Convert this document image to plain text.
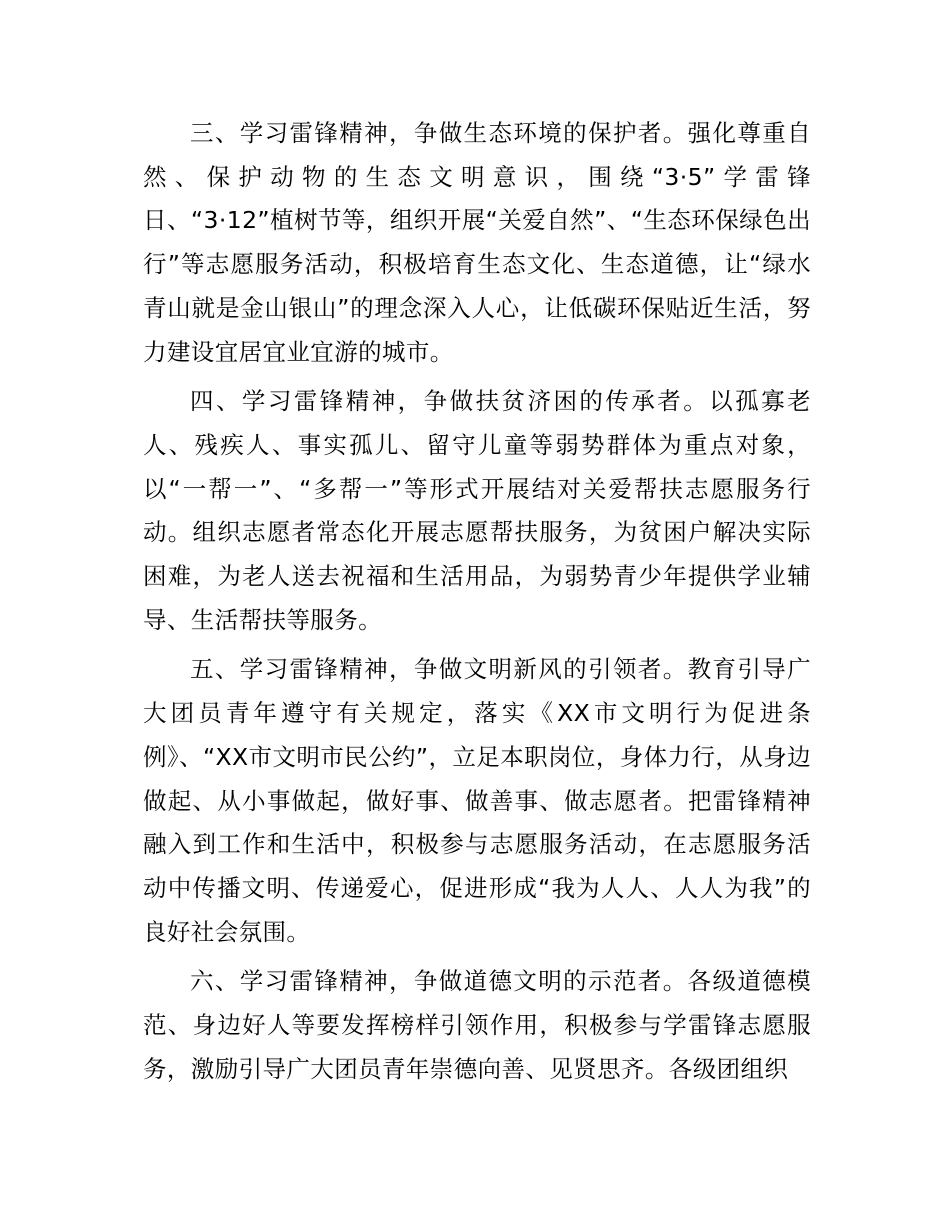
三、学习雷锋精神，争做生态环境的保护者。强化尊重自然、保护动物的生态文明意识，围绕“3·5”学雷锋日、“3·12”植树节等，组织开展“关爱自然”、“生态环保绿色出行”等志愿服务活动，积极培育生态文化、生态道德，让“绿水青山就是金山银山”的理念深入人心，让低碳环保贴近生活，努力建设宜居宜业宜游的城市。

四、学习雷锋精神，争做扶贫济困的传承者。以孤寡老人、残疾人、事实孤儿、留守儿童等弱势群体为重点对象，以“一帮一”、“多帮一”等形式开展结对关爱帮扶志愿服务行动。组织志愿者常态化开展志愿帮扶服务，为贫困户解决实际困难，为老人送去祝福和生活用品，为弱势青少年提供学业辅导、生活帮扶等服务。

五、学习雷锋精神，争做文明新风的引领者。教育引导广大团员青年遵守有关规定，落实《XX市文明行为促进条例》、“XX市文明市民公约”，立足本职岗位，身体力行，从身边做起、从小事做起，做好事、做善事、做志愿者。把雷锋精神融入到工作和生活中，积极参与志愿服务活动，在志愿服务活动中传播文明、传递爱心，促进形成“我为人人、人人为我”的良好社会氛围。

六、学习雷锋精神，争做道德文明的示范者。各级道德模范、身边好人等要发挥榜样引领作用，积极参与学雷锋志愿服务，激励引导广大团员青年崇德向善、见贤思齐。各级团组织
